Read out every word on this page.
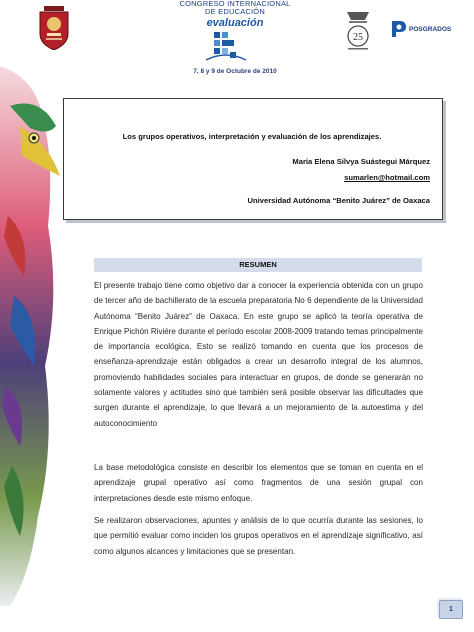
CONGRESO INTERNACIONAL
DE EDUCACIÓN
evaluación
7, 8 y 9 de Octubre de 2010
25
POSGRADOS
Los grupos operativos, interpretación y evaluación de los aprendizajes.
María Elena Silvya Suástegui Márquez
sumarlen@hotmail.com
Universidad Autónoma “Benito Juárez” de Oaxaca
RESUMEN
El presente trabajo tiene como objetivo dar a conocer la experiencia obtenida con un grupo de tercer año de bachillerato de la escuela preparatoria No 6 dependiente de la Universidad Autónoma “Benito Juárez” de Oaxaca. En este grupo se aplicó la teoría operativa de Enrique Pichón Riviére durante el período escolar 2008-2009 tratando temas principalmente de importancia ecológica. Esto se realizó tomando en cuenta que los procesos de enseñanza-aprendizaje están obligados a crear un desarrollo integral de los alumnos, promoviendo habilidades sociales para interactuar en grupos, de donde se generarán no solamente valores y actitudes sino que también será posible observar las dificultades que surgen durante el aprendizaje, lo que llevará a un mejoramiento de la autoestima y del autoconocimiento
La base metodológica consiste en describir los elementos que se toman en cuenta en el aprendizaje grupal operativo así como fragmentos de una sesión grupal con interpretaciones desde este mismo enfoque.
Se realizaron observaciones, apuntes y análisis de lo que ocurría durante las sesiones, lo que permitió evaluar como inciden los grupos operativos en el aprendizaje significativo, así como algunos alcances y limitaciones que se presentan.
1
